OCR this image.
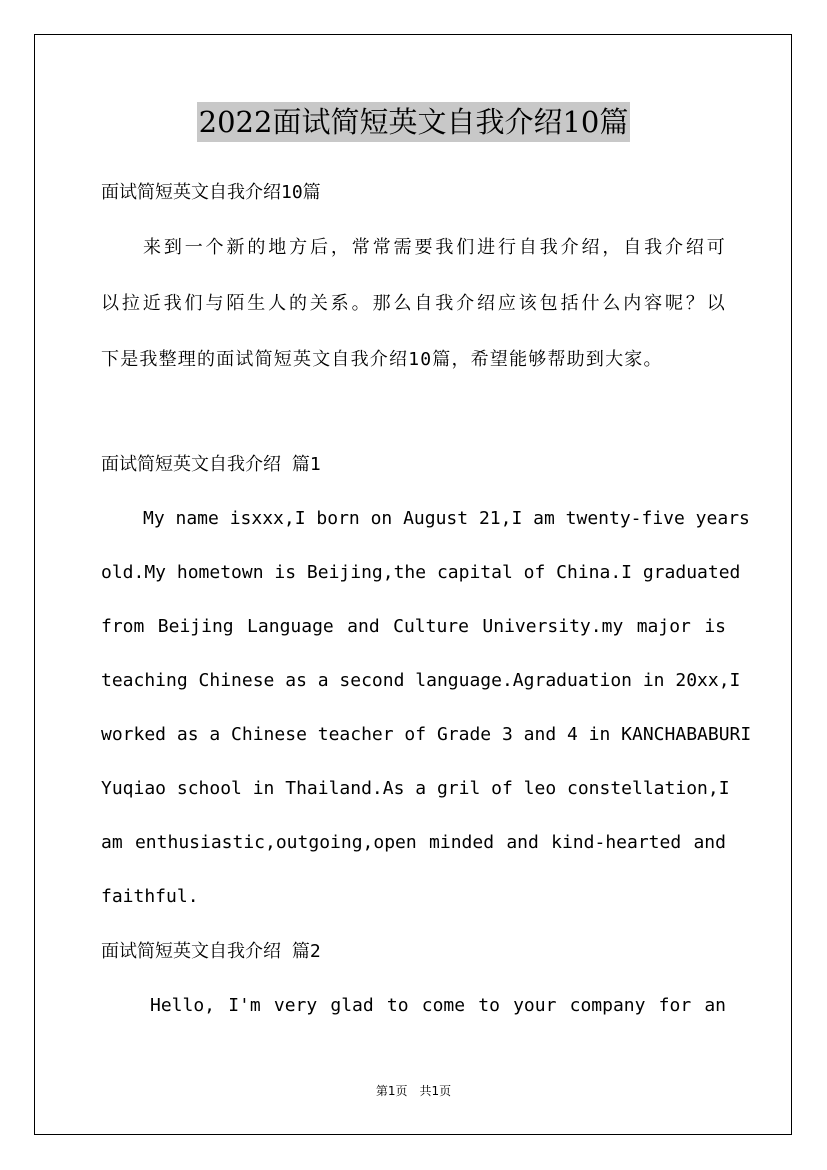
2022面试简短英文自我介绍10篇
面试简短英文自我介绍10篇
来到一个新的地方后，常常需要我们进行自我介绍，自我介绍可
以拉近我们与陌生人的关系。那么自我介绍应该包括什么内容呢？以
下是我整理的面试简短英文自我介绍10篇，希望能够帮助到大家。
面试简短英文自我介绍 篇1
My name isxxx,I born on August 21,I am twenty-five years
old.My hometown is Beijing,the capital of China.I graduated
from Beijing Language and Culture University.my major is
teaching Chinese as a second language.Agraduation in 20xx,I
worked as a Chinese teacher of Grade 3 and 4 in KANCHABABURI
Yuqiao school in Thailand.As a gril of leo constellation,I
am enthusiastic,outgoing,open minded and kind-hearted and
faithful.
面试简短英文自我介绍 篇2
Hello, I'm very glad to come to your company for an
第1页 共1页
